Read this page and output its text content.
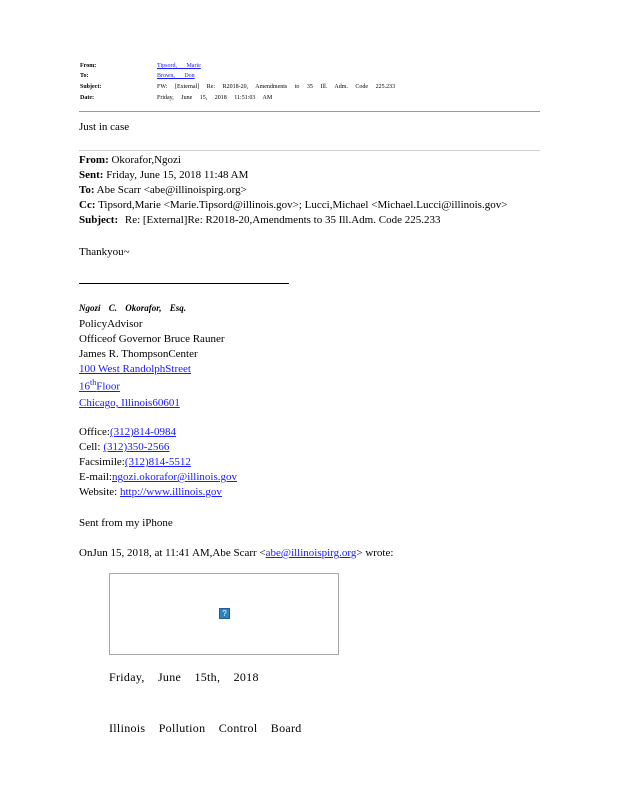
From:	Tipsord, Marie
To:	Brown, Don
Subject:	FW: [External] Re: R2018-20, Amendments to 35 Ill. Adm. Code 225.233
Date:	Friday, June 15, 2018 11:51:03 AM
Just in case
From: Okorafor,Ngozi
Sent: Friday, June 15, 2018 11:48 AM
To: Abe Scarr <abe@illinoispirg.org>
Cc: Tipsord,Marie <Marie.Tipsord@illinois.gov>; Lucci,Michael <Michael.Lucci@illinois.gov>
Subject: Re: [External]Re: R2018-20,Amendments to 35 Ill.Adm. Code 225.233
Thankyou~
Ngozi C. Okorafor, Esq.
PolicyAdvisor
Officeof Governor Bruce Rauner
James R. ThompsonCenter
100 West RandolphStreet
16thFloor
Chicago, Illinois60601
Office:(312)814-0984
Cell: (312)350-2566
Facsimile:(312)814-5512
E-mail:ngozi.okorafor@illinois.gov
Website: http://www.illinois.gov
Sent from my iPhone
OnJun 15, 2018, at 11:41 AM,Abe Scarr <abe@illinoispirg.org> wrote:
?
Friday, June 15th, 2018
Illinois Pollution Control Board
